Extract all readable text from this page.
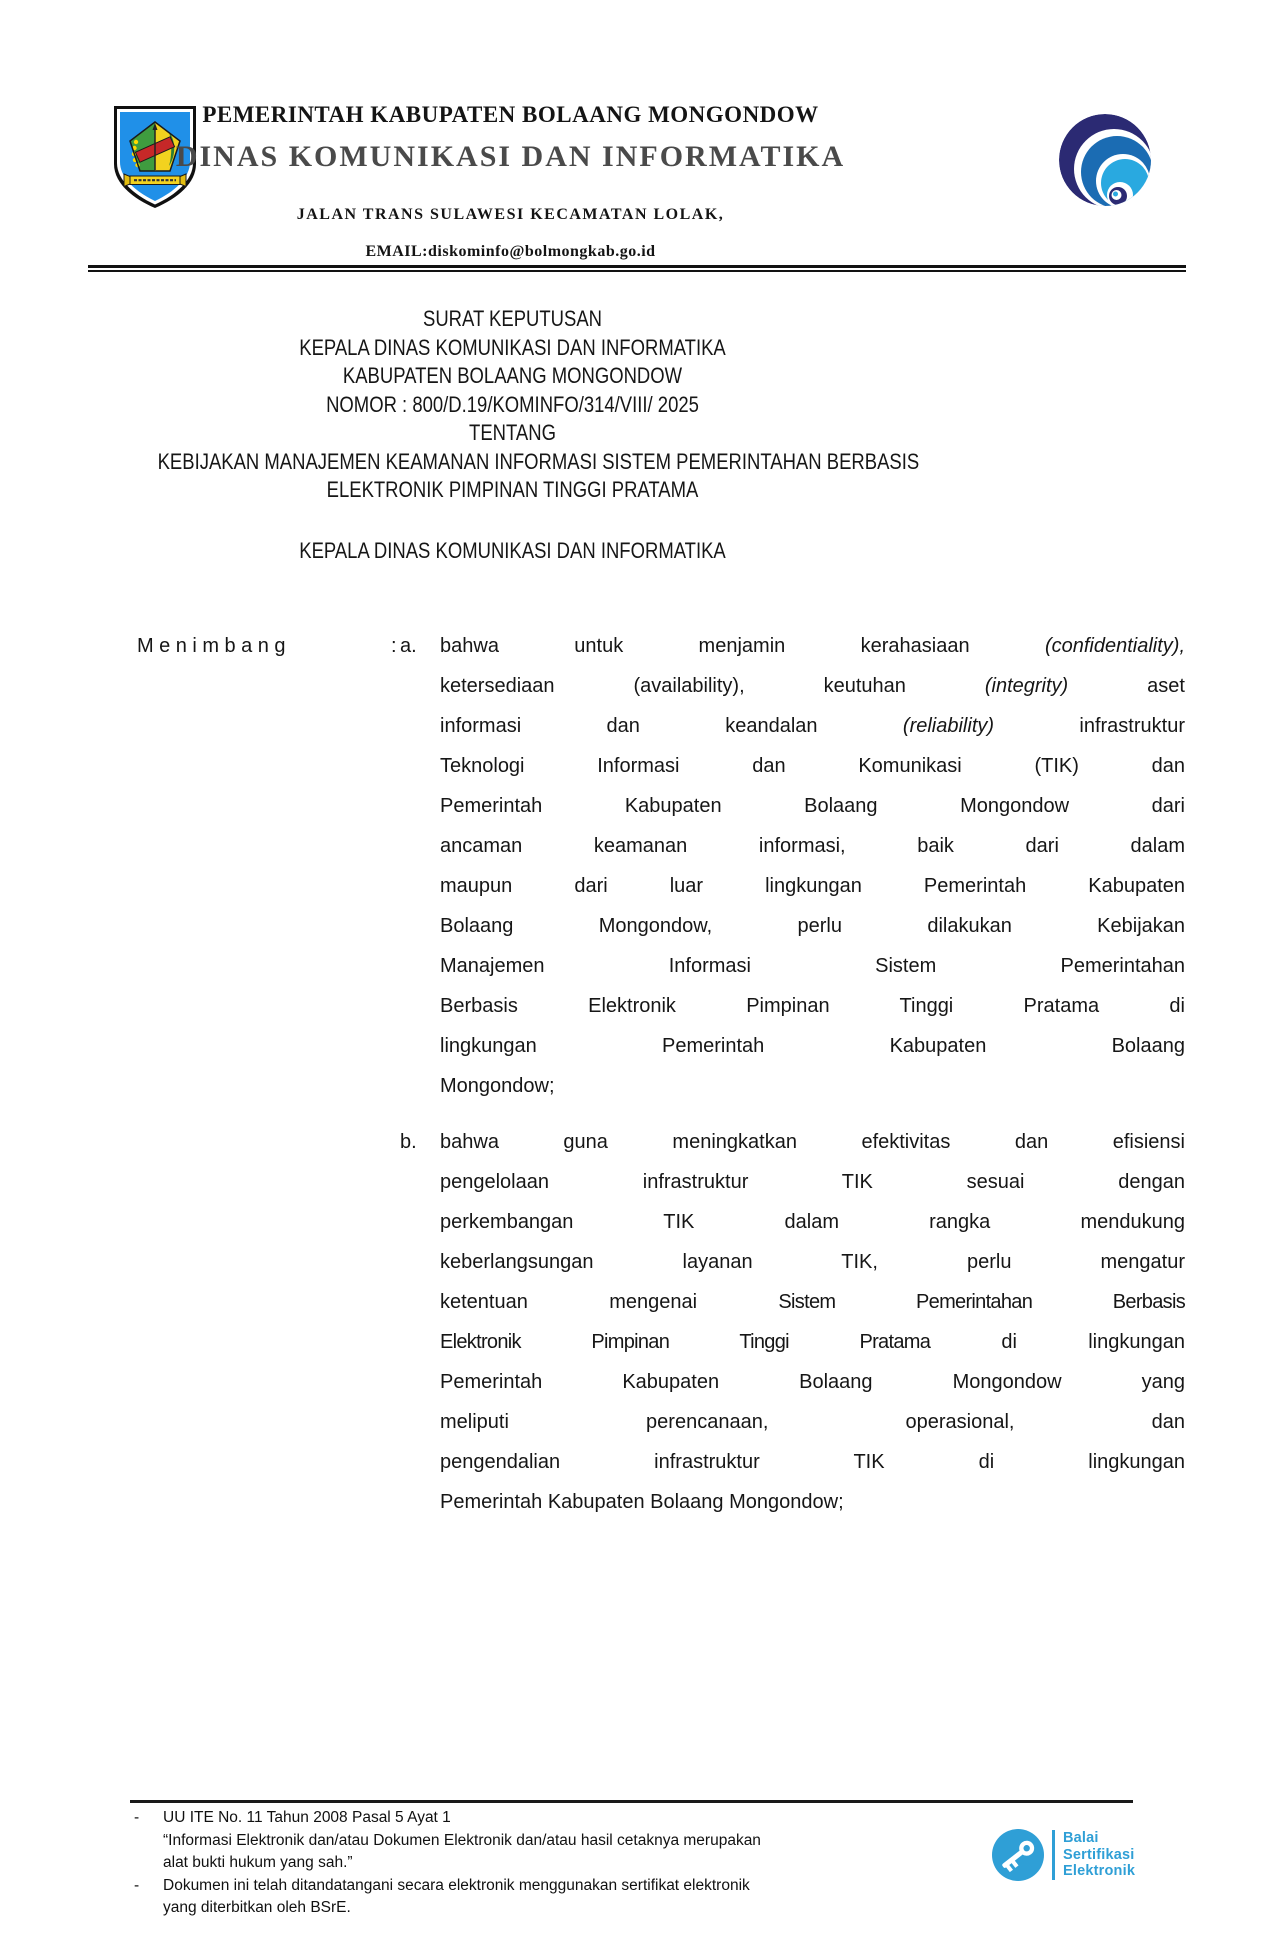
PEMERINTAH KABUPATEN BOLAANG MONGONDOW
DINAS KOMUNIKASI DAN INFORMATIKA
JALAN TRANS SULAWESI KECAMATAN LOLAK,
EMAIL:diskominfo@bolmongkab.go.id
SURAT KEPUTUSAN
KEPALA DINAS KOMUNIKASI DAN INFORMATIKA
KABUPATEN BOLAANG MONGONDOW
NOMOR : 800/D.19/KOMINFO/314/VIII/ 2025
TENTANG
KEBIJAKAN MANAJEMEN KEAMANAN INFORMASI SISTEM PEMERINTAHAN BERBASIS
ELEKTRONIK PIMPINAN TINGGI PRATAMA
KEPALA DINAS KOMUNIKASI DAN INFORMATIKA
Menimbang	: a. bahwa untuk menjamin kerahasiaan (confidentiality),
ketersediaan (availability), keutuhan (integrity) aset
informasi dan keandalan (reliability) infrastruktur
Teknologi Informasi dan Komunikasi (TIK) dan
Pemerintah Kabupaten Bolaang Mongondow dari
ancaman keamanan informasi, baik dari dalam
maupun dari luar lingkungan Pemerintah Kabupaten
Bolaang Mongondow, perlu dilakukan Kebijakan
Manajemen Informasi Sistem Pemerintahan
Berbasis Elektronik Pimpinan Tinggi Pratama di
lingkungan Pemerintah Kabupaten Bolaang
Mongondow;
b. bahwa guna meningkatkan efektivitas dan efisiensi
pengelolaan infrastruktur TIK sesuai dengan
perkembangan TIK dalam rangka mendukung
keberlangsungan layanan TIK, perlu mengatur
ketentuan mengenai Sistem Pemerintahan Berbasis
Elektronik Pimpinan Tinggi Pratama di lingkungan
Pemerintah Kabupaten Bolaang Mongondow yang
meliputi perencanaan, operasional, dan
pengendalian infrastruktur TIK di lingkungan
Pemerintah Kabupaten Bolaang Mongondow;
- UU ITE No. 11 Tahun 2008 Pasal 5 Ayat 1
“Informasi Elektronik dan/atau Dokumen Elektronik dan/atau hasil cetaknya merupakan
alat bukti hukum yang sah.”
- Dokumen ini telah ditandatangani secara elektronik menggunakan sertifikat elektronik
yang diterbitkan oleh BSrE.
Balai
Sertifikasi
Elektronik
